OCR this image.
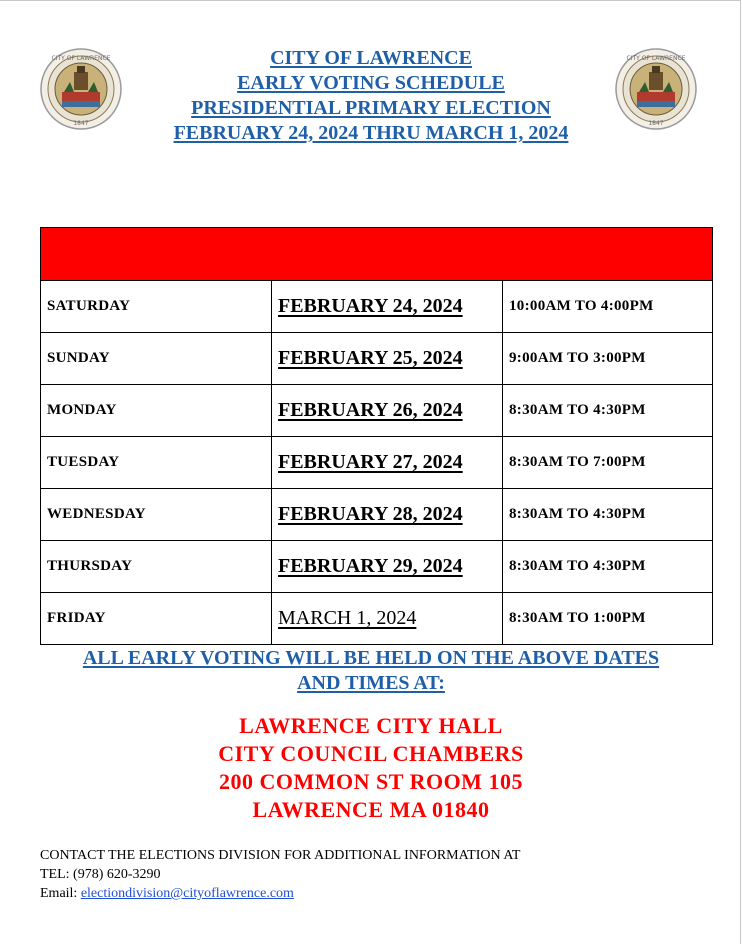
CITY OF LAWRENCE
1847
CITY OF LAWRENCE
1847
CITY OF LAWRENCE
EARLY VOTING SCHEDULE
PRESIDENTIAL PRIMARY ELECTION
FEBRUARY 24, 2024 THRU MARCH 1, 2024

SATURDAY	FEBRUARY 24, 2024	10:00AM TO 4:00PM
SUNDAY	FEBRUARY 25, 2024	9:00AM TO 3:00PM
MONDAY	FEBRUARY 26, 2024	8:30AM TO 4:30PM
TUESDAY	FEBRUARY 27, 2024	8:30AM TO 7:00PM
WEDNESDAY	FEBRUARY 28, 2024	8:30AM TO 4:30PM
THURSDAY	FEBRUARY 29, 2024	8:30AM TO 4:30PM
FRIDAY	MARCH 1, 2024	8:30AM TO 1:00PM
ALL EARLY VOTING WILL BE HELD ON THE ABOVE DATES
AND TIMES AT:
LAWRENCE CITY HALL
CITY COUNCIL CHAMBERS
200 COMMON ST ROOM 105
LAWRENCE MA 01840
CONTACT THE ELECTIONS DIVISION FOR ADDITIONAL INFORMATION AT
TEL: (978) 620-3290
Email: electiondivision@cityoflawrence.com
